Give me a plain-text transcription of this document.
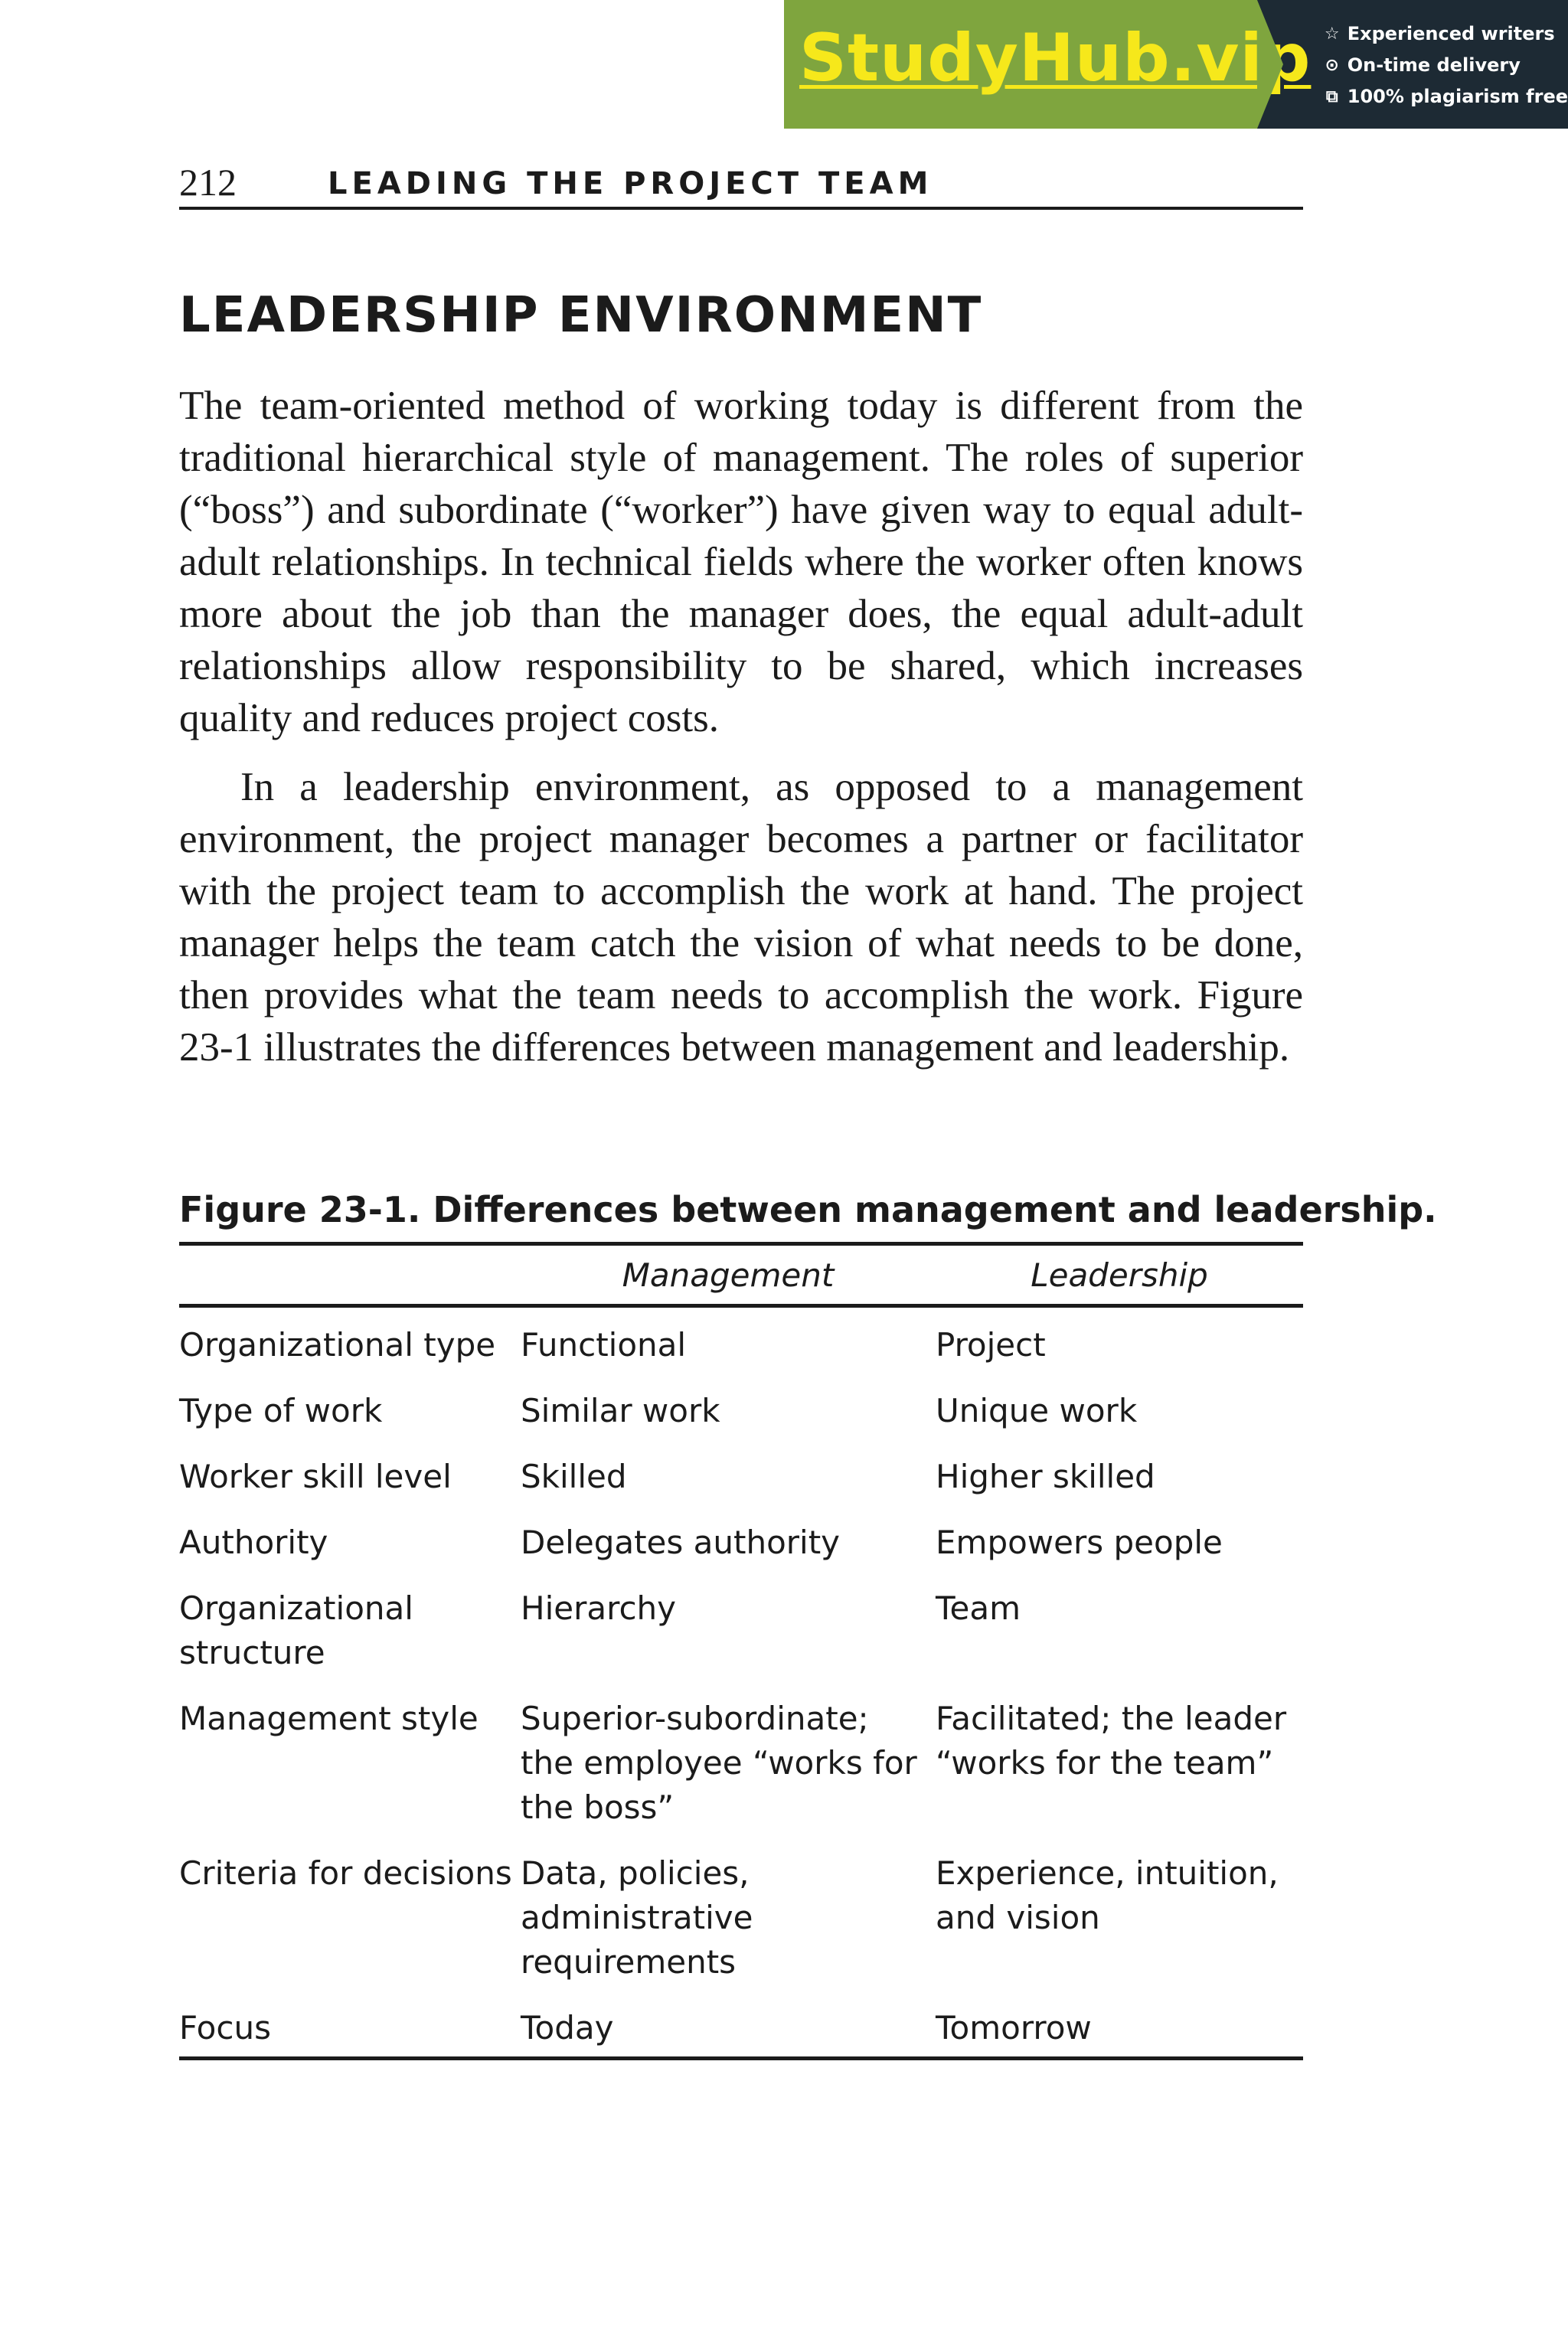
StudyHub.vip ☆ Experienced writers
⊙ On-time delivery
⧉ 100% plagiarism free
212	LEADING THE PROJECT TEAM
LEADERSHIP ENVIRONMENT

The team-oriented method of working today is different from the traditional hierarchical style of management. The roles of superior (“boss”) and subordinate (“worker”) have given way to equal adult-adult relationships. In technical fields where the worker often knows more about the job than the manager does, the equal adult-adult relationships allow responsibility to be shared, which increases quality and reduces project costs.

In a leadership environment, as opposed to a management environment, the project manager becomes a partner or facilitator with the project team to accomplish the work at hand. The project manager helps the team catch the vision of what needs to be done, then provides what the team needs to accomplish the work. Figure 23-1 illustrates the differences between management and leadership.

Figure 23-1. Differences between management and leadership.

	Management	Leadership
Organizational type	Functional	Project
Type of work	Similar work	Unique work
Worker skill level	Skilled	Higher skilled
Authority	Delegates authority	Empowers people
Organizational structure	Hierarchy	Team
Management style	Superior-subordinate; the employee “works for the boss”	Facilitated; the leader “works for the team”
Criteria for decisions	Data, policies, administrative requirements	Experience, intuition, and vision
Focus	Today	Tomorrow
